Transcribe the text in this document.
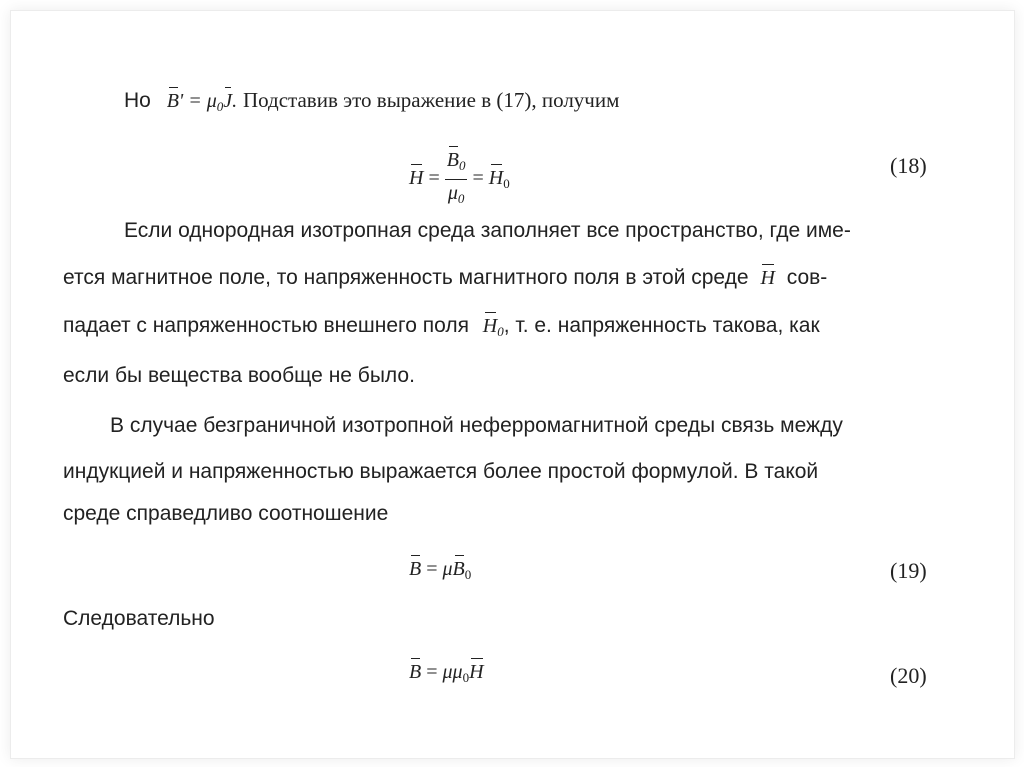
Но $B' = \mu_0J$. Подставив это выражение в (17), получим
$H = \frac{B_0}{\mu_0} = H_0$
(18)
Если однородная изотропная среда заполняет все пространство, где име-
ется магнитное поле, то напряженность магнитного поля в этой среде H сов-
падает с напряженностью внешнего поля $H_0$, т. е. напряженность такова, как
если бы вещества вообще не было.
В случае безграничной изотропной неферромагнитной среды связь между
индукцией и напряженностью выражается более простой формулой. В такой
среде справедливо соотношение
$B = \mu B_0$	(19)
Следовательно
$B = \mu\mu_0H$	(20)
